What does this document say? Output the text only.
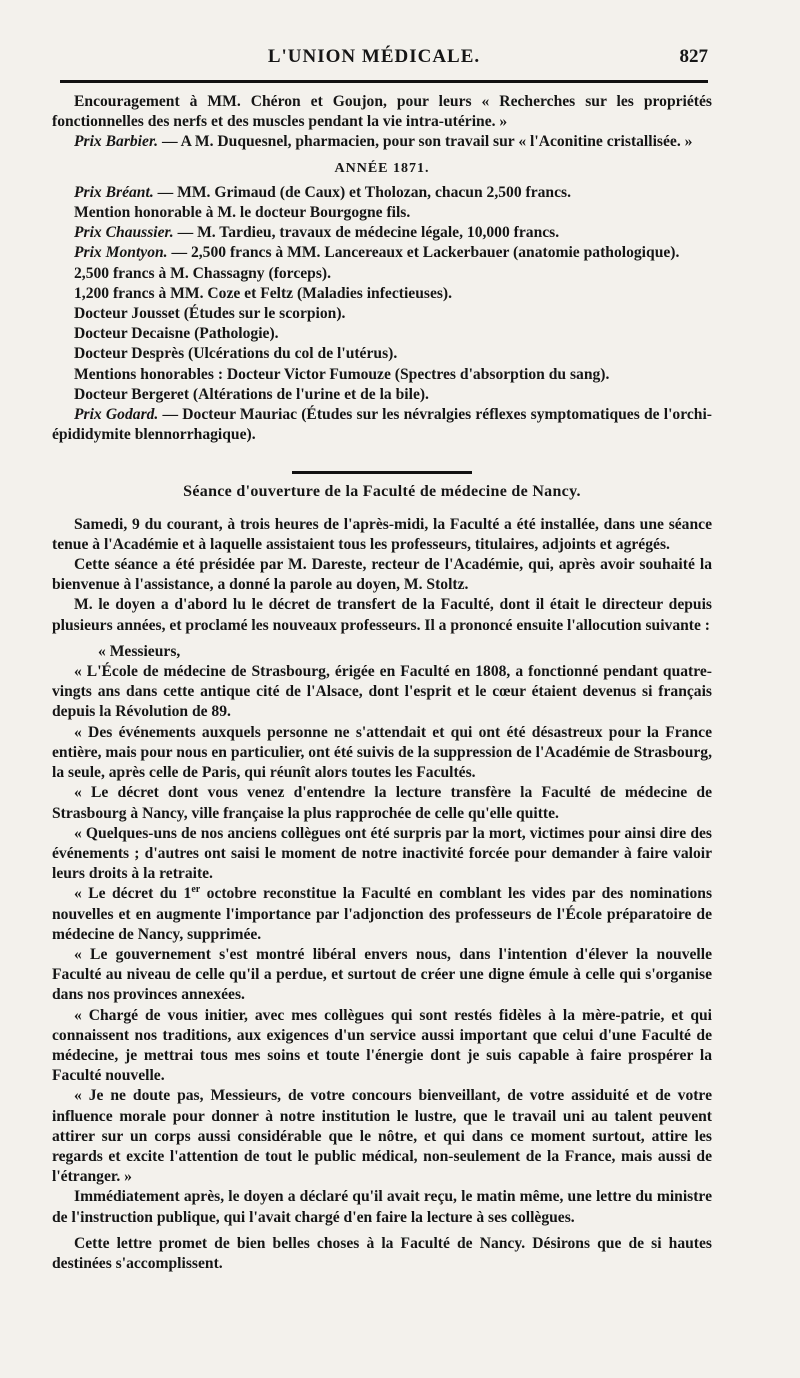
L'UNION MÉDICALE.	827

Encouragement à MM. Chéron et Goujon, pour leurs « Recherches sur les propriétés fonctionnelles des nerfs et des muscles pendant la vie intra-utérine. »

Prix Barbier. — A M. Duquesnel, pharmacien, pour son travail sur « l'Aconitine cristallisée. »

ANNÉE 1871.

Prix Bréant. — MM. Grimaud (de Caux) et Tholozan, chacun 2,500 francs.

Mention honorable à M. le docteur Bourgogne fils.

Prix Chaussier. — M. Tardieu, travaux de médecine légale, 10,000 francs.

Prix Montyon. — 2,500 francs à MM. Lancereaux et Lackerbauer (anatomie pathologique).

2,500 francs à M. Chassagny (forceps).

1,200 francs à MM. Coze et Feltz (Maladies infectieuses).

Docteur Jousset (Études sur le scorpion).

Docteur Decaisne (Pathologie).

Docteur Desprès (Ulcérations du col de l'utérus).

Mentions honorables : Docteur Victor Fumouze (Spectres d'absorption du sang).

Docteur Bergeret (Altérations de l'urine et de la bile).

Prix Godard. — Docteur Mauriac (Études sur les névralgies réflexes symptomatiques de l'orchi-épididymite blennorrhagique).

Séance d'ouverture de la Faculté de médecine de Nancy.

Samedi, 9 du courant, à trois heures de l'après-midi, la Faculté a été installée, dans une séance tenue à l'Académie et à laquelle assistaient tous les professeurs, titulaires, adjoints et agrégés.

Cette séance a été présidée par M. Dareste, recteur de l'Académie, qui, après avoir souhaité la bienvenue à l'assistance, a donné la parole au doyen, M. Stoltz.

M. le doyen a d'abord lu le décret de transfert de la Faculté, dont il était le directeur depuis plusieurs années, et proclamé les nouveaux professeurs. Il a prononcé ensuite l'allocution suivante :

« Messieurs,

« L'École de médecine de Strasbourg, érigée en Faculté en 1808, a fonctionné pendant quatre-vingts ans dans cette antique cité de l'Alsace, dont l'esprit et le cœur étaient devenus si français depuis la Révolution de 89.

« Des événements auxquels personne ne s'attendait et qui ont été désastreux pour la France entière, mais pour nous en particulier, ont été suivis de la suppression de l'Académie de Strasbourg, la seule, après celle de Paris, qui réunît alors toutes les Facultés.

« Le décret dont vous venez d'entendre la lecture transfère la Faculté de médecine de Strasbourg à Nancy, ville française la plus rapprochée de celle qu'elle quitte.

« Quelques-uns de nos anciens collègues ont été surpris par la mort, victimes pour ainsi dire des événements ; d'autres ont saisi le moment de notre inactivité forcée pour demander à faire valoir leurs droits à la retraite.

« Le décret du 1er octobre reconstitue la Faculté en comblant les vides par des nominations nouvelles et en augmente l'importance par l'adjonction des professeurs de l'École préparatoire de médecine de Nancy, supprimée.

« Le gouvernement s'est montré libéral envers nous, dans l'intention d'élever la nouvelle Faculté au niveau de celle qu'il a perdue, et surtout de créer une digne émule à celle qui s'organise dans nos provinces annexées.

« Chargé de vous initier, avec mes collègues qui sont restés fidèles à la mère-patrie, et qui connaissent nos traditions, aux exigences d'un service aussi important que celui d'une Faculté de médecine, je mettrai tous mes soins et toute l'énergie dont je suis capable à faire prospérer la Faculté nouvelle.

« Je ne doute pas, Messieurs, de votre concours bienveillant, de votre assiduité et de votre influence morale pour donner à notre institution le lustre, que le travail uni au talent peuvent attirer sur un corps aussi considérable que le nôtre, et qui dans ce moment surtout, attire les regards et excite l'attention de tout le public médical, non-seulement de la France, mais aussi de l'étranger. »

Immédiatement après, le doyen a déclaré qu'il avait reçu, le matin même, une lettre du ministre de l'instruction publique, qui l'avait chargé d'en faire la lecture à ses collègues.

Cette lettre promet de bien belles choses à la Faculté de Nancy. Désirons que de si hautes destinées s'accomplissent.
